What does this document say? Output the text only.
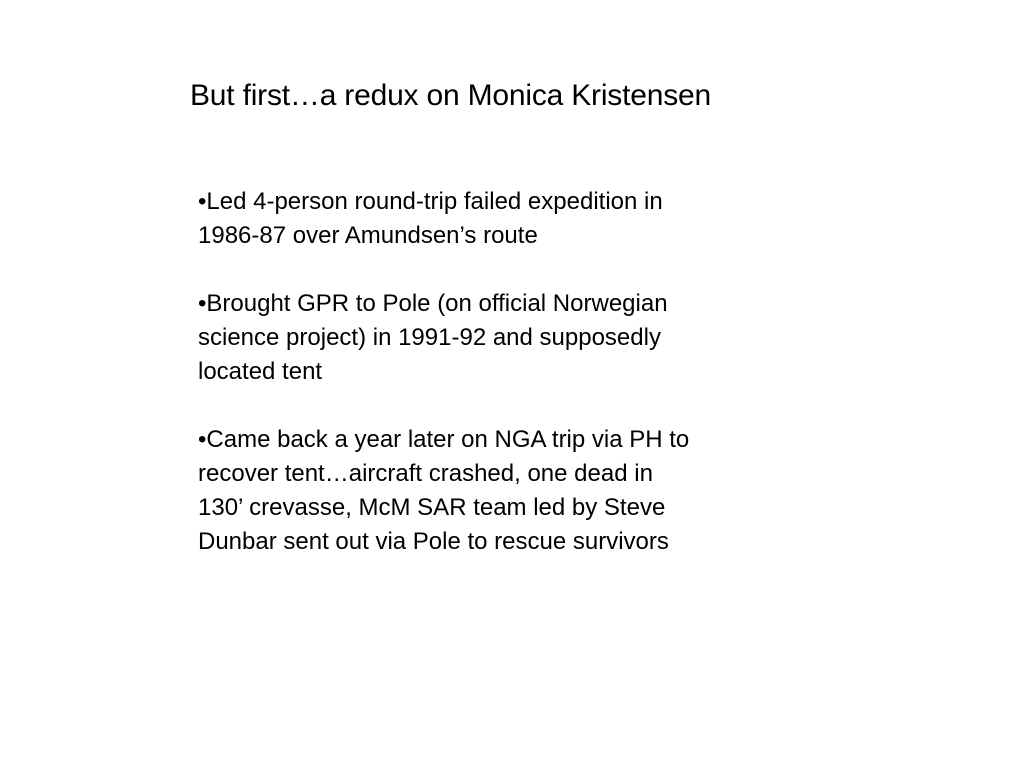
But first…a redux on Monica Kristensen
•Led 4-person round-trip failed expedition in
1986-87 over Amundsen’s route
•Brought GPR to Pole (on official Norwegian
science project) in 1991-92 and supposedly
located tent
•Came back a year later on NGA trip via PH to
recover tent…aircraft crashed, one dead in
130’ crevasse, McM SAR team led by Steve
Dunbar sent out via Pole to rescue survivors
